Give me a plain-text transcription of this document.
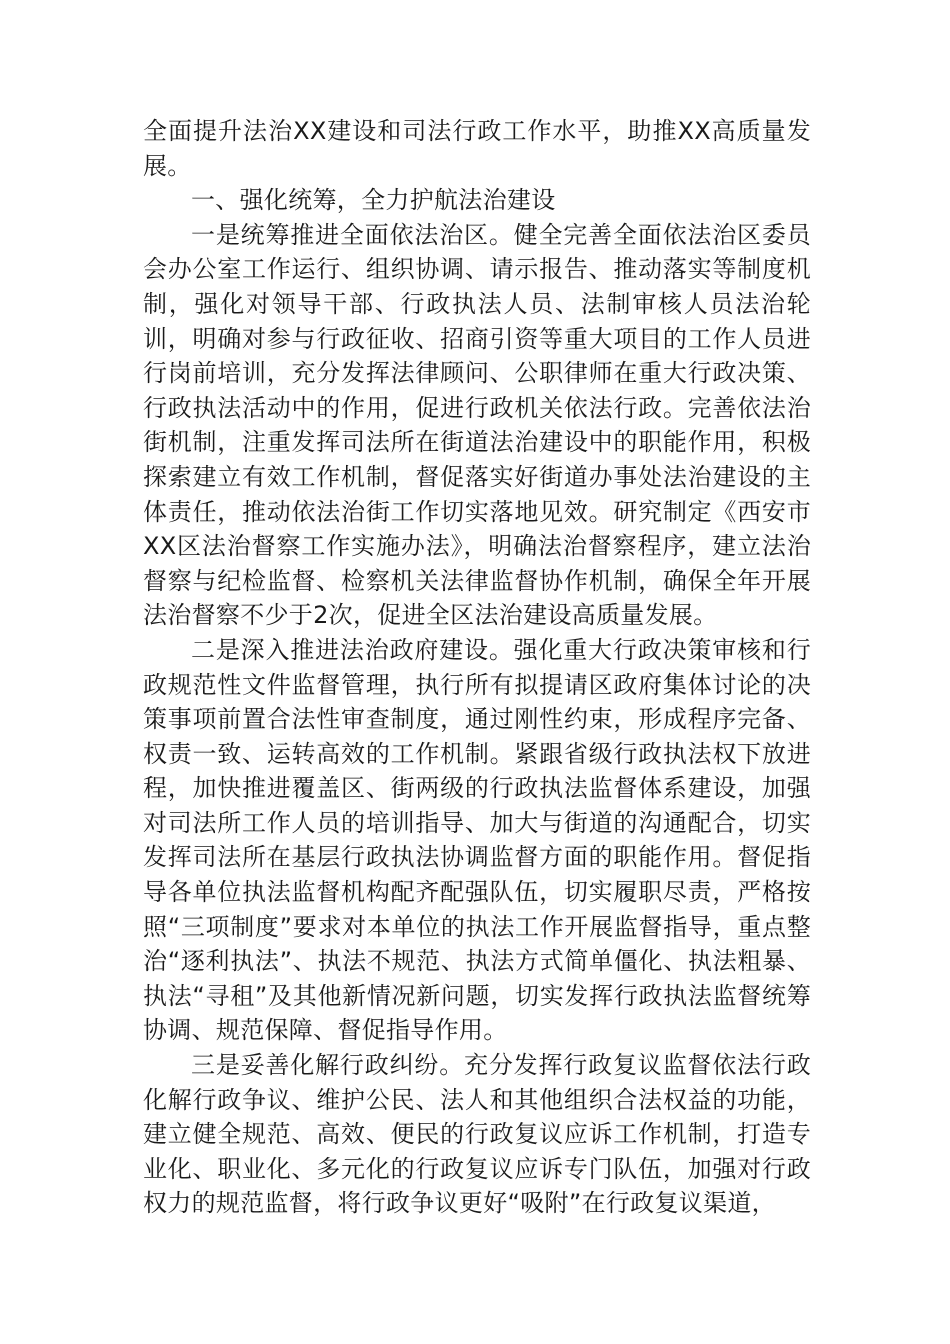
全面提升法治XX建设和司法行政工作水平，助推XX高质量发展。

一、强化统筹，全力护航法治建设

一是统筹推进全面依法治区。健全完善全面依法治区委员会办公室工作运行、组织协调、请示报告、推动落实等制度机制，强化对领导干部、行政执法人员、法制审核人员法治轮训，明确对参与行政征收、招商引资等重大项目的工作人员进行岗前培训，充分发挥法律顾问、公职律师在重大行政决策、行政执法活动中的作用，促进行政机关依法行政。完善依法治街机制，注重发挥司法所在街道法治建设中的职能作用，积极探索建立有效工作机制，督促落实好街道办事处法治建设的主体责任，推动依法治街工作切实落地见效。研究制定《西安市XX区法治督察工作实施办法》，明确法治督察程序，建立法治督察与纪检监督、检察机关法律监督协作机制，确保全年开展法治督察不少于2次，促进全区法治建设高质量发展。

二是深入推进法治政府建设。强化重大行政决策审核和行政规范性文件监督管理，执行所有拟提请区政府集体讨论的决策事项前置合法性审查制度，通过刚性约束，形成程序完备、权责一致、运转高效的工作机制。紧跟省级行政执法权下放进程，加快推进覆盖区、街两级的行政执法监督体系建设，加强对司法所工作人员的培训指导、加大与街道的沟通配合，切实发挥司法所在基层行政执法协调监督方面的职能作用。督促指导各单位执法监督机构配齐配强队伍，切实履职尽责，严格按照“三项制度”要求对本单位的执法工作开展监督指导，重点整治“逐利执法”、执法不规范、执法方式简单僵化、执法粗暴、执法“寻租”及其他新情况新问题，切实发挥行政执法监督统筹协调、规范保障、督促指导作用。

三是妥善化解行政纠纷。充分发挥行政复议监督依法行政化解行政争议、维护公民、法人和其他组织合法权益的功能，建立健全规范、高效、便民的行政复议应诉工作机制，打造专业化、职业化、多元化的行政复议应诉专门队伍，加强对行政权力的规范监督，将行政争议更好“吸附”在行政复议渠道，
